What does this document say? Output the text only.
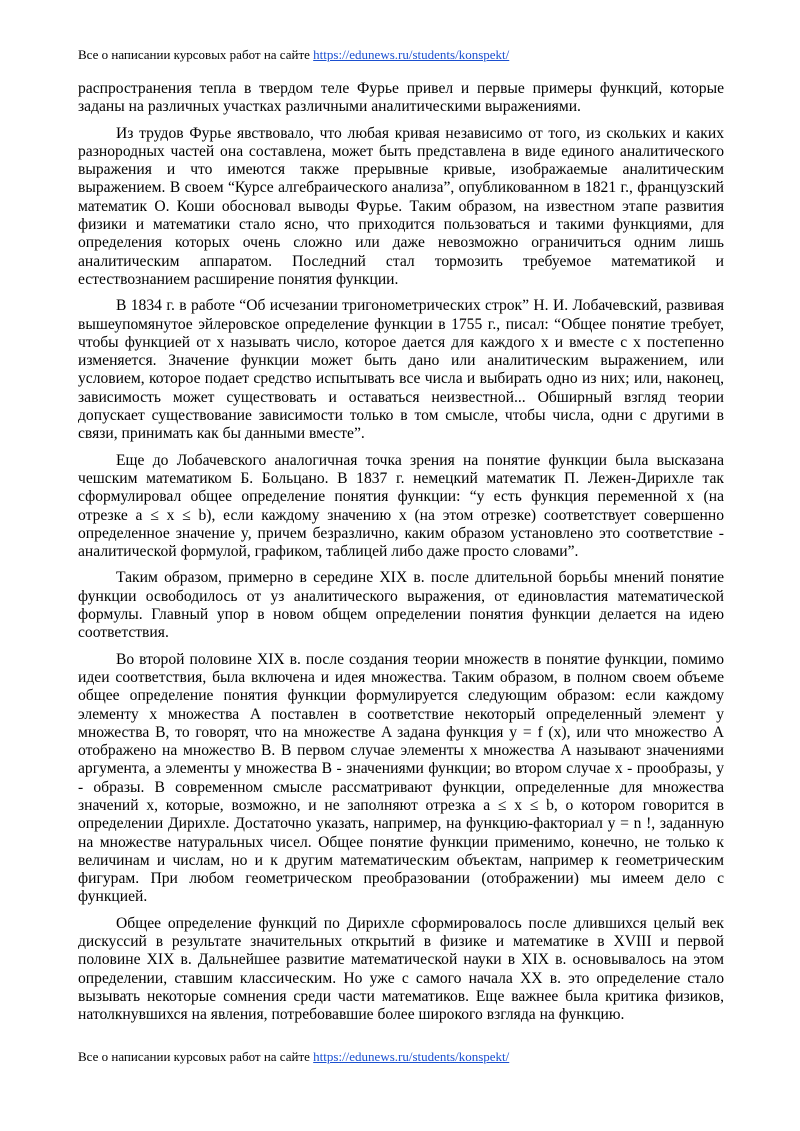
Все о написании курсовых работ на сайте https://edunews.ru/students/konspekt/

распространения тепла в твердом теле Фурье привел и первые примеры функций, которые заданы на различных участках различными аналитическими выражениями.

Из трудов Фурье явствовало, что любая кривая независимо от того, из скольких и каких разнородных частей она составлена, может быть представлена в виде единого аналитического выражения и что имеются также прерывные кривые, изображаемые аналитическим выражением. В своем “Курсе алгебраического анализа”, опубликованном в 1821 г., французский математик О. Коши обосновал выводы Фурье. Таким образом, на известном этапе развития физики и математики стало ясно, что приходится пользоваться и такими функциями, для определения которых очень сложно или даже невозможно ограничиться одним лишь аналитическим аппаратом. Последний стал тормозить требуемое математикой и естествознанием расширение понятия функции.

В 1834 г. в работе “Об исчезании тригонометрических строк” Н. И. Лобачевский, развивая вышеупомянутое эйлеровское определение функции в 1755 г., писал: “Общее понятие требует, чтобы функцией от x называть число, которое дается для каждого x и вместе с x постепенно изменяется. Значение функции может быть дано или аналитическим выражением, или условием, которое подает средство испытывать все числа и выбирать одно из них; или, наконец, зависимость может существовать и оставаться неизвестной... Обширный взгляд теории допускает существование зависимости только в том смысле, чтобы числа, одни с другими в связи, принимать как бы данными вместе”.

Еще до Лобачевского аналогичная точка зрения на понятие функции была высказана чешским математиком Б. Больцано. В 1837 г. немецкий математик П. Лежен-Дирихле так сформулировал общее определение понятия функции: “y есть функция переменной x (на отрезке a ≤ x ≤ b), если каждому значению x (на этом отрезке) соответствует совершенно определенное значение y, причем безразлично, каким образом установлено это соответствие - аналитической формулой, графиком, таблицей либо даже просто словами”.

Таким образом, примерно в середине XIX в. после длительной борьбы мнений понятие функции освободилось от уз аналитического выражения, от единовластия математической формулы. Главный упор в новом общем определении понятия функции делается на идею соответствия.

Во второй половине XIX в. после создания теории множеств в понятие функции, помимо идеи соответствия, была включена и идея множества. Таким образом, в полном своем объеме общее определение понятия функции формулируется следующим образом: если каждому элементу x множества A поставлен в соответствие некоторый определенный элемент y множества B, то говорят, что на множестве A задана функция y = f (x), или что множество A отображено на множество B. В первом случае элементы x множества A называют значениями аргумента, а элементы y множества B - значениями функции; во втором случае x - прообразы, y - образы. В современном смысле рассматривают функции, определенные для множества значений x, которые, возможно, и не заполняют отрезка a ≤ x ≤ b, о котором говорится в определении Дирихле. Достаточно указать, например, на функцию-факториал y = n !, заданную на множестве натуральных чисел. Общее понятие функции применимо, конечно, не только к величинам и числам, но и к другим математическим объектам, например к геометрическим фигурам. При любом геометрическом преобразовании (отображении) мы имеем дело с функцией.

Общее определение функций по Дирихле сформировалось после длившихся целый век дискуссий в результате значительных открытий в физике и математике в XVIII и первой половине XIX в. Дальнейшее развитие математической науки в XIX в. основывалось на этом определении, ставшим классическим. Но уже с самого начала XX в. это определение стало вызывать некоторые сомнения среди части математиков. Еще важнее была критика физиков, натолкнувшихся на явления, потребовавшие более широкого взгляда на функцию.

Все о написании курсовых работ на сайте https://edunews.ru/students/konspekt/
